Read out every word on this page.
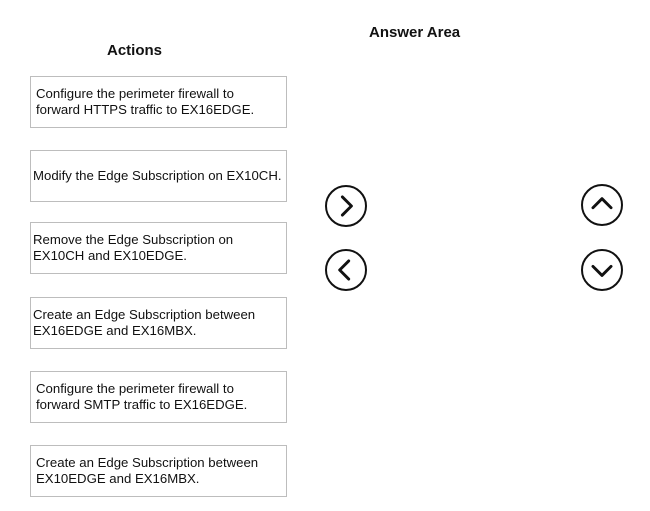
Actions
Answer Area
Configure the perimeter firewall to
forward HTTPS traffic to EX16EDGE.
Modify the Edge Subscription on EX10CH.
Remove the Edge Subscription on
EX10CH and EX10EDGE.
Create an Edge Subscription between
EX16EDGE and EX16MBX.
Configure the perimeter firewall to
forward SMTP traffic to EX16EDGE.
Create an Edge Subscription between
EX10EDGE and EX16MBX.
